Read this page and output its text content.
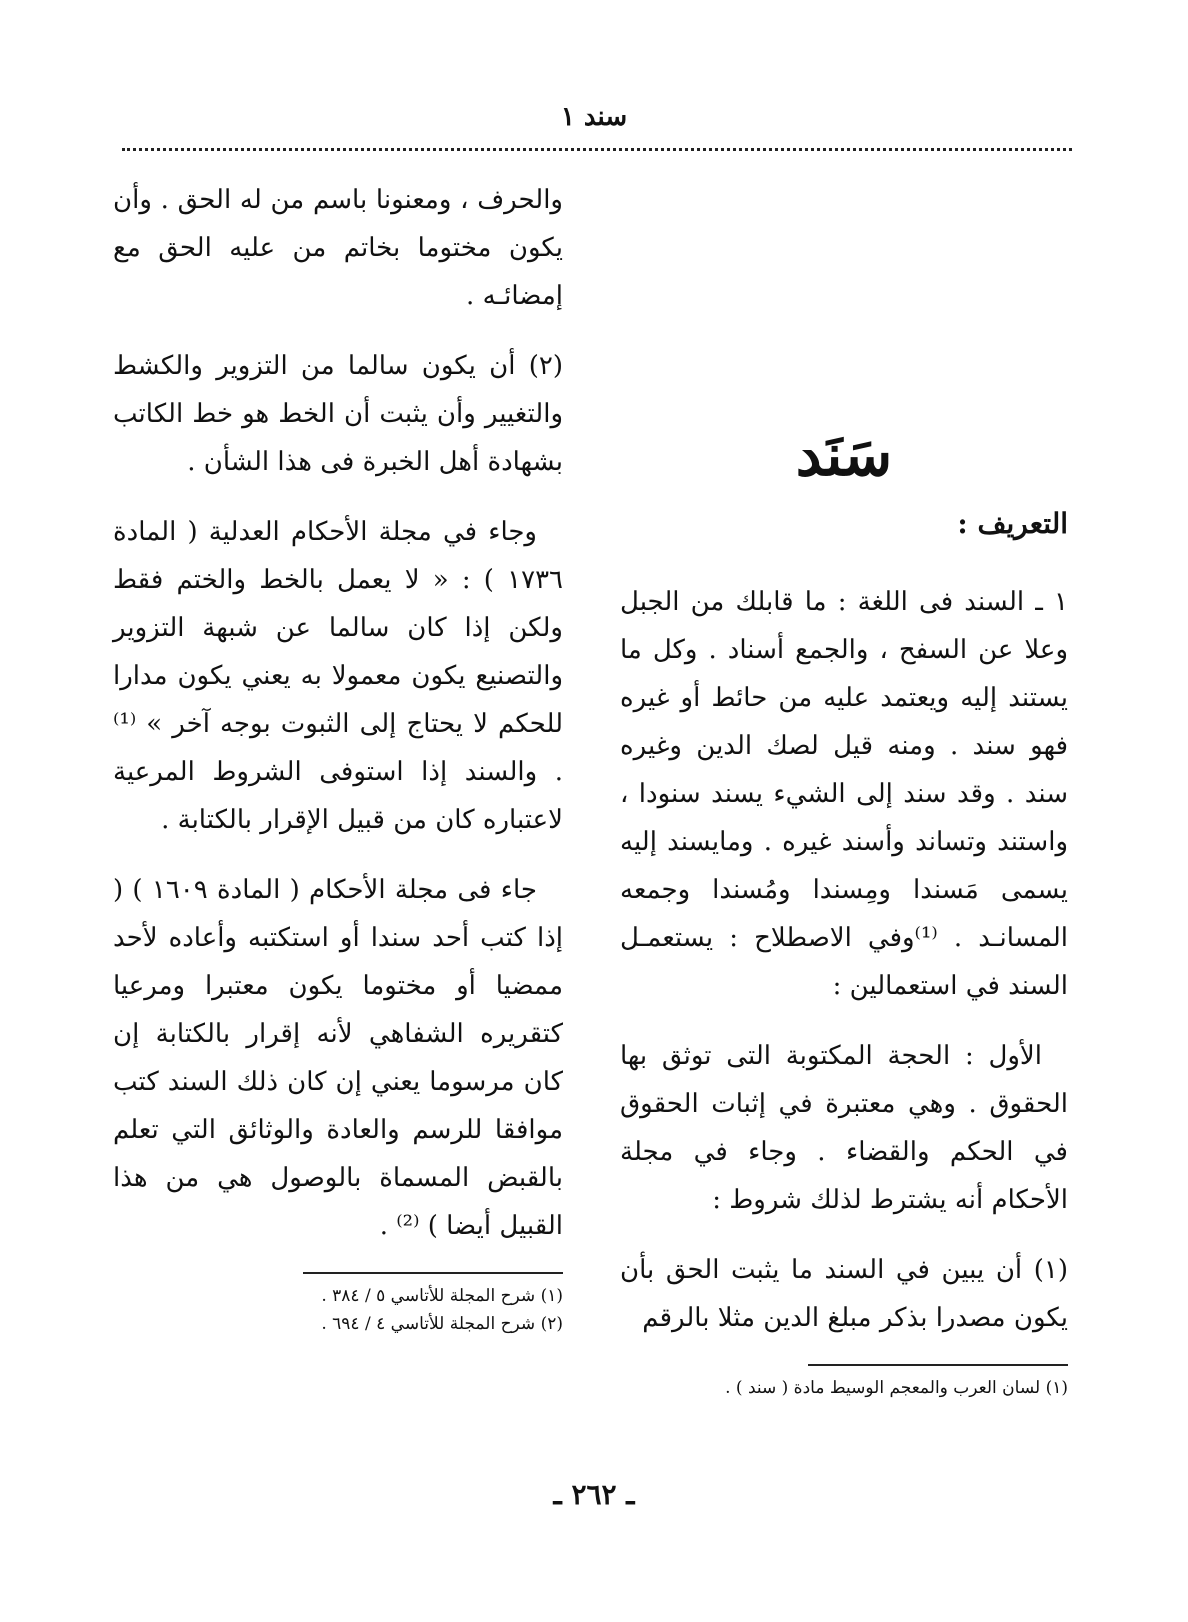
سند ١

والحرف ، ومعنونا باسم من له الحق . وأن يكون مختوما بخاتم من عليه الحق مع إمضائـه .

(٢) أن يكون سالما من التزوير والكشط والتغيير وأن يثبت أن الخط هو خط الكاتب بشهادة أهل الخبرة فى هذا الشأن .

وجاء في مجلة الأحكام العدلية ( المادة ١٧٣٦ ) : « لا يعمل بالخط والختم فقط ولكن إذا كان سالما عن شبهة التزوير والتصنيع يكون معمولا به يعني يكون مدارا للحكم لا يحتاج إلى الثبوت بوجه آخر » ⁽¹⁾ . والسند إذا استوفى الشروط المرعية لاعتباره كان من قبيل الإقرار بالكتابة .

جاء فى مجلة الأحكام ( المادة ١٦٠٩ ) ( إذا كتب أحد سندا أو استكتبه وأعاده لأحد ممضيا أو مختوما يكون معتبرا ومرعيا كتقريره الشفاهي لأنه إقرار بالكتابة إن كان مرسوما يعني إن كان ذلك السند كتب موافقا للرسم والعادة والوثائق التي تعلم بالقبض المسماة بالوصول هي من هذا القبيل أيضا ) ⁽²⁾ .

(١) شرح المجلة للأتاسي ٥ / ٣٨٤ .

(٢) شرح المجلة للأتاسي ٤ / ٦٩٤ .

سَنَد
التعريف :

١ ـ السند فى اللغة : ما قابلك من الجبل وعلا عن السفح ، والجمع أسناد . وكل ما يستند إليه ويعتمد عليه من حائط أو غيره فهو سند . ومنه قيل لصك الدين وغيره سند . وقد سند إلى الشيء يسند سنودا ، واستند وتساند وأسند غيره . ومايسند إليه يسمى مَسندا ومِسندا ومُسندا وجمعه المسانـد . ⁽¹⁾وفي الاصطلاح : يستعمـل السند في استعمالين :

الأول : الحجة المكتوبة التى توثق بها الحقوق . وهي معتبرة في إثبات الحقوق في الحكم والقضاء . وجاء في مجلة الأحكام أنه يشترط لذلك شروط :

(١) أن يبين في السند ما يثبت الحق بأن يكون مصدرا بذكر مبلغ الدين مثلا بالرقم

(١) لسان العرب والمعجم الوسيط مادة ( سند ) .

ـ ٢٦٢ ـ
